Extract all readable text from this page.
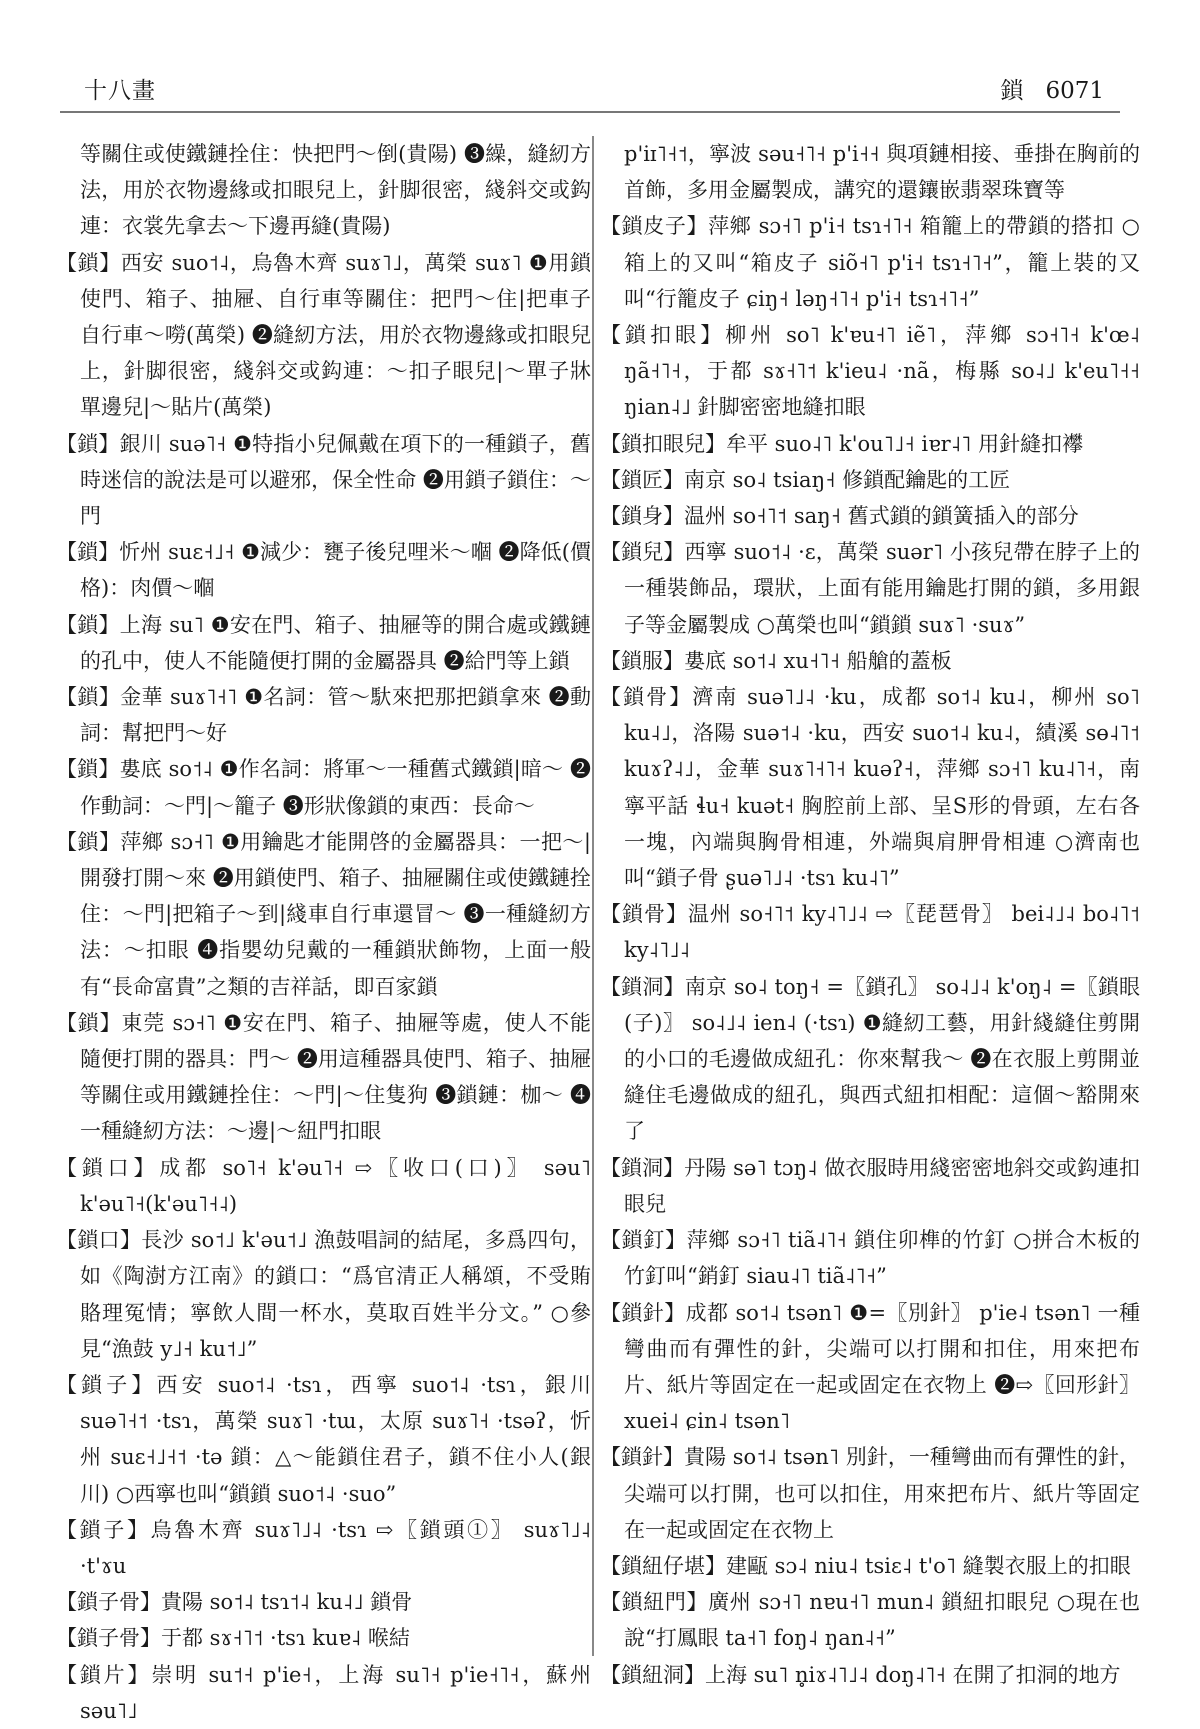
十八畫	鎖 6071

等關住或使鐵鏈拴住：快把門～倒(貴陽) ❸繰，縫紉方法，用於衣物邊緣或扣眼兒上，針脚很密，綫斜交或鈎連：衣裳先拿去～下邊再縫(貴陽)

【鎖】西安 suo˦˨，烏魯木齊 suɤ˥˩，萬榮 suɤ˥ ❶用鎖使門、箱子、抽屜、自行車等關住：把門～住|把車子自行車～嘮(萬榮) ❷縫紉方法，用於衣物邊緣或扣眼兒上，針脚很密，綫斜交或鈎連：～扣子眼兒|～單子牀單邊兒|～貼片(萬榮)

【鎖】銀川 suə˥˧ ❶特指小兒佩戴在項下的一種鎖子，舊時迷信的說法是可以避邪，保全性命 ❷用鎖子鎖住：～門

【鎖】忻州 suɛ˧˩˧ ❶減少：甕子後兒哩米～嗰 ❷降低(價格)：肉價～嗰

【鎖】上海 su˥ ❶安在門、箱子、抽屜等的開合處或鐵鏈的孔中，使人不能隨便打開的金屬器具 ❷給門等上鎖

【鎖】金華 suɤ˥˧˥ ❶名詞：管～馱來把那把鎖拿來 ❷動詞：幫把門～好

【鎖】婁底 so˦˨ ❶作名詞：將軍～一種舊式鐵鎖|暗～ ❷作動詞：～門|～籠子 ❸形狀像鎖的東西：長命～

【鎖】萍鄉 sɔ˧˥ ❶用鑰匙才能開啓的金屬器具：一把～|開發打開～來 ❷用鎖使門、箱子、抽屜關住或使鐵鏈拴住：～門|把箱子～到|綫車自行車還冒～ ❸一種縫紉方法：～扣眼 ❹指嬰幼兒戴的一種鎖狀飾物，上面一般有“長命富貴”之類的吉祥話，即百家鎖

【鎖】東莞 sɔ˧˥ ❶安在門、箱子、抽屜等處，使人不能隨便打開的器具：門～ ❷用這種器具使門、箱子、抽屜等關住或用鐵鏈拴住：～門|～住隻狗 ❸鎖鏈：枷～ ❹一種縫紉方法：～邊|～紐門扣眼

【鎖口】成都 so˥˧ k'əu˥˧ ⇨〖收口(口)〗 səu˥ k'əu˥˧(k'əu˥˧˨)

【鎖口】長沙 so˦˩ k'əu˦˩ 漁鼓唱詞的結尾，多爲四句，如《陶澍方江南》的鎖口：“爲官清正人稱頌，不受賄賂理冤情；寧飲人間一杯水，莫取百姓半分文。” ○參見“漁鼓 y˩˧ ku˦˩”

【鎖子】西安 suo˦˨ ·tsɿ，西寧 suo˦˨ ·tsɿ，銀川 suə˥˧˦ ·tsɿ，萬榮 suɤ˥ ·tɯ，太原 suɤ˥˧ ·tsəʔ，忻州 suɛ˧˩˧˦ ·tə 鎖：△～能鎖住君子，鎖不住小人(銀川) ○西寧也叫“鎖鎖 suo˦˨ ·suo”

【鎖子】烏魯木齊 suɤ˥˩˨ ·tsɿ ⇨〖鎖頭①〗 suɤ˥˩˨ ·t'ɤu

【鎖子骨】貴陽 so˦˨ tsɿ˦˨ ku˨˩ 鎖骨

【鎖子骨】于都 sɤ˧˥˦ ·tsɿ kuɐ˨ 喉結

【鎖片】崇明 su˦˧ p'ie˧，上海 su˥˧ p'ie˧˥˧，蘇州 səu˥˩

p'iɪ˥˧˦，寧波 səu˧˥˧ p'i˧˧ 與項鏈相接、垂掛在胸前的首飾，多用金屬製成，講究的還鑲嵌翡翠珠寶等

【鎖皮子】萍鄉 sɔ˧˥ p'i˧ tsɿ˧˥˧ 箱籠上的帶鎖的搭扣 ○箱上的又叫“箱皮子 siõ˧˥ p'i˧ tsɿ˧˥˧”，籠上裝的又叫“行籠皮子 ɕiŋ˧ ləŋ˧˥˧ p'i˧ tsɿ˧˥˧”

【鎖扣眼】柳州 so˥ k'ɐu˧˥ iẽ˥，萍鄉 sɔ˧˥˧ k'œ˨ ŋã˧˥˧，于都 sɤ˧˥˦ k'ieu˨ ·nã，梅縣 so˨˩ k'eu˥˧˧ ŋian˨˩ 針脚密密地縫扣眼

【鎖扣眼兒】牟平 suo˨˥ k'ou˥˩˧ iɐr˨˥ 用針縫扣襻

【鎖匠】南京 so˨ tsiaŋ˧ 修鎖配鑰匙的工匠

【鎖身】温州 so˧˥˦ saŋ˧ 舊式鎖的鎖簧插入的部分

【鎖兒】西寧 suo˦˨ ·ɛ，萬榮 suər˥ 小孩兒帶在脖子上的一種裝飾品，環狀，上面有能用鑰匙打開的鎖，多用銀子等金屬製成 ○萬榮也叫“鎖鎖 suɤ˥ ·suɤ”

【鎖服】婁底 so˦˨ xu˧˥˧ 船艙的蓋板

【鎖骨】濟南 suə˥˩˨ ·ku，成都 so˦˨ ku˨，柳州 so˥ ku˨˩，洛陽 suə˦˨ ·ku，西安 suo˦˨ ku˨，績溪 sɵ˨˥˦ kuɤʔ˨˩，金華 suɤ˥˧˥˧ kuəʔ˧，萍鄉 sɔ˧˥ ku˨˥˧，南寧平話 ɬu˧ kuət˧ 胸腔前上部、呈S形的骨頭，左右各一塊，內端與胸骨相連，外端與肩胛骨相連 ○濟南也叫“鎖子骨 ʂuə˥˩˨ ·tsɿ ku˨˥”

【鎖骨】温州 so˧˥˦ ky˨˥˩˨ ⇨〖琵琶骨〗 bei˨˩˨ bo˨˥˦ ky˨˥˩˨

【鎖洞】南京 so˨ toŋ˧ =〖鎖孔〗 so˨˩˨ k'oŋ˨ =〖鎖眼(子)〗 so˨˩˨ ien˨ (·tsɿ) ❶縫紉工藝，用針綫縫住剪開的小口的毛邊做成紐孔：你來幫我～ ❷在衣服上剪開並縫住毛邊做成的紐孔，與西式紐扣相配：這個～豁開來了

【鎖洞】丹陽 sə˥ tɔŋ˨ 做衣服時用綫密密地斜交或鈎連扣眼兒

【鎖釘】萍鄉 sɔ˧˥ tiã˨˥˧ 鎖住卯榫的竹釘 ○拼合木板的竹釘叫“銷釘 siau˨˥ tiã˨˥˧”

【鎖針】成都 so˦˨ tsən˥ ❶=〖別針〗 p'ie˨ tsən˥ 一種彎曲而有彈性的針，尖端可以打開和扣住，用來把布片、紙片等固定在一起或固定在衣物上 ❷⇨〖回形針〗 xuei˨ ɕin˨ tsən˥

【鎖針】貴陽 so˦˨ tsən˥ 別針，一種彎曲而有彈性的針，尖端可以打開，也可以扣住，用來把布片、紙片等固定在一起或固定在衣物上

【鎖紐仔堪】建甌 sɔ˨ niu˨ tsiɛ˨ t'o˥ 縫製衣服上的扣眼

【鎖紐門】廣州 sɔ˧˥ nɐu˧˥ mun˨ 鎖紐扣眼兒 ○現在也說“打鳳眼 ta˧˥ foŋ˨ ŋan˨˧”

【鎖紐洞】上海 su˥ n̥iɤ˨˥˩˨ doŋ˨˥˧ 在開了扣洞的地方
